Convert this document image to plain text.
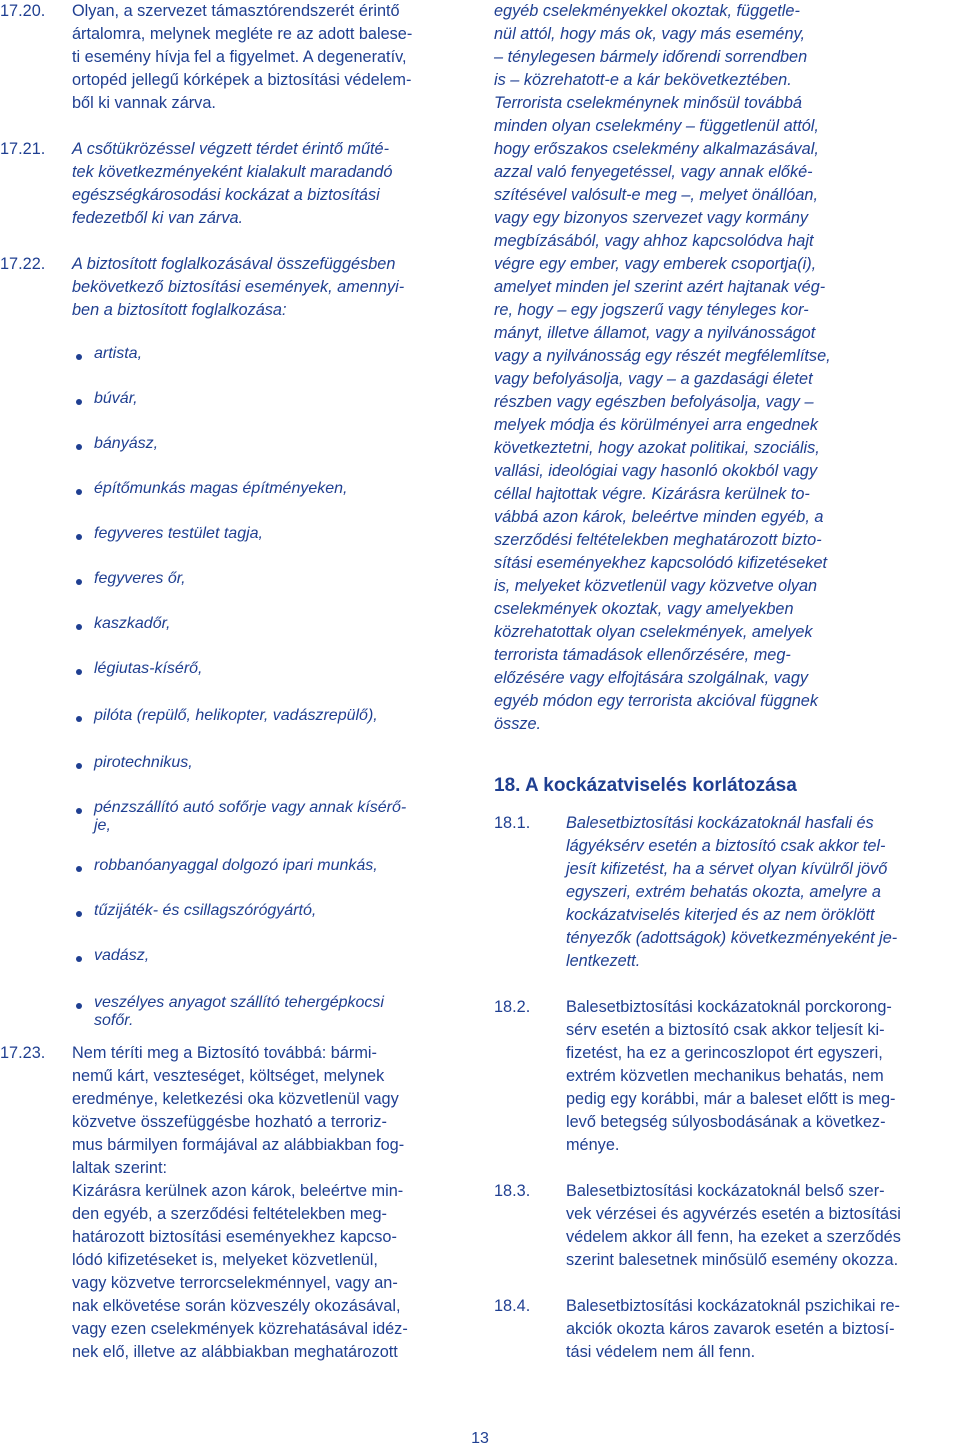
17.20.	Olyan, a szervezet támasztórendszerét érintő
ártalomra, melynek megléte re az adott balese-
ti esemény hívja fel a figyelmet. A degeneratív,
ortopéd jellegű kórképek a biztosítási védelem-
ből ki vannak zárva.
17.21.	A csőtükrözéssel végzett térdet érintő műté-
tek következményeként kialakult maradandó
egészségkárosodási kockázat a biztosítási
fedezetből ki van zárva.
17.22.	A biztosított foglalkozásával összefüggésben
bekövetkező biztosítási események, amennyi-
ben a biztosított foglalkozása:
artista,
búvár,
bányász,
építőmunkás magas építményeken,
fegyveres testület tagja,
fegyveres őr,
kaszkadőr,
légiutas-kísérő,
pilóta (repülő, helikopter, vadászrepülő),
pirotechnikus,
pénzszállító autó sofőrje vagy annak kísérő-
je,
robbanóanyaggal dolgozó ipari munkás,
tűzijáték- és csillagszórógyártó,
vadász,
veszélyes anyagot szállító tehergépkocsi
sofőr.
17.23.	Nem téríti meg a Biztosító továbbá: bármi-
nemű kárt, veszteséget, költséget, melynek
eredménye, keletkezési oka közvetlenül vagy
közvetve összefüggésbe hozható a terroriz-
mus bármilyen formájával az alábbiakban fog-
laltak szerint:
Kizárásra kerülnek azon károk, beleértve min-
den egyéb, a szerződési feltételekben meg-
határozott biztosítási eseményekhez kapcso-
lódó kifizetéseket is, melyeket közvetlenül,
vagy közvetve terrorcselekménnyel, vagy an-
nak elkövetése során közveszély okozásával,
vagy ezen cselekmények közrehatásával idéz-
nek elő, illetve az alábbiakban meghatározott
egyéb cselekményekkel okoztak, függetle-
nül attól, hogy más ok, vagy más esemény,
– ténylegesen bármely időrendi sorrendben
is – közrehatott-e a kár bekövetkeztében.
Terrorista cselekménynek minősül továbbá
minden olyan cselekmény – függetlenül attól,
hogy erőszakos cselekmény alkalmazásával,
azzal való fenyegetéssel, vagy annak előké-
szítésével valósult-e meg –, melyet önállóan,
vagy egy bizonyos szervezet vagy kormány
megbízásából, vagy ahhoz kapcsolódva hajt
végre egy ember, vagy emberek csoportja(i),
amelyet minden jel szerint azért hajtanak vég-
re, hogy – egy jogszerű vagy tényleges kor-
mányt, illetve államot, vagy a nyilvánosságot
vagy a nyilvánosság egy részét megfélemlítse,
vagy befolyásolja, vagy – a gazdasági életet
részben vagy egészben befolyásolja, vagy –
melyek módja és körülményei arra engednek
következtetni, hogy azokat politikai, szociális,
vallási, ideológiai vagy hasonló okokból vagy
céllal hajtottak végre. Kizárásra kerülnek to-
vábbá azon károk, beleértve minden egyéb, a
szerződési feltételekben meghatározott bizto-
sítási eseményekhez kapcsolódó kifizetéseket
is, melyeket közvetlenül vagy közvetve olyan
cselekmények okoztak, vagy amelyekben
közrehatottak olyan cselekmények, amelyek
terrorista támadások ellenőrzésére, meg-
előzésére vagy elfojtására szolgálnak, vagy
egyéb módon egy terrorista akcióval függnek
össze.
18. A kockázatviselés korlátozása
18.1.	Balesetbiztosítási kockázatoknál hasfali és
lágyéksérv esetén a biztosító csak akkor tel-
jesít kifizetést, ha a sérvet olyan kívülről jövő
egyszeri, extrém behatás okozta, amelyre a
kockázatviselés kiterjed és az nem öröklött
tényezők (adottságok) következményeként je-
lentkezett.
18.2.	Balesetbiztosítási kockázatoknál porckorong-
sérv esetén a biztosító csak akkor teljesít ki-
fizetést, ha ez a gerincoszlopot ért egyszeri,
extrém közvetlen mechanikus behatás, nem
pedig egy korábbi, már a baleset előtt is meg-
levő betegség súlyosbodásának a következ-
ménye.
18.3.	Balesetbiztosítási kockázatoknál belső szer-
vek vérzései és agyvérzés esetén a biztosítási
védelem akkor áll fenn, ha ezeket a szerződés
szerint balesetnek minősülő esemény okozza.
18.4.	Balesetbiztosítási kockázatoknál pszichikai re-
akciók okozta káros zavarok esetén a biztosí-
tási védelem nem áll fenn.
13
